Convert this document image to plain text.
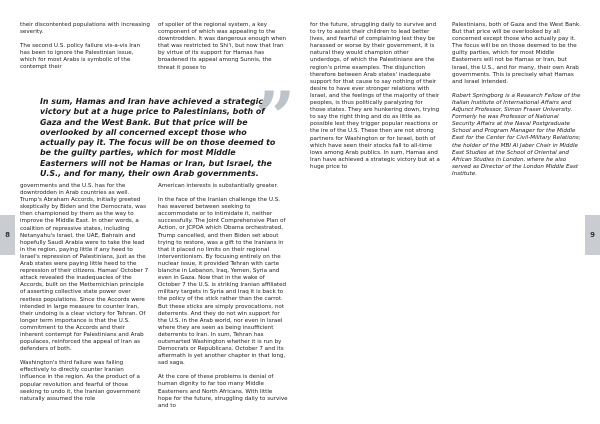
8	9

their discontented populations with increasing severity.

The second U.S. policy failure vis-a-vis Iran has been to ignore the Palestinian issue, which for most Arabs is symbolic of the contempt their

of spoiler of the regional system, a key component of which was appealing to the downtrodden. It was dangerous enough when that was restricted to Shi'i, but now that Iran by virtue of its support for Hamas has broadened its appeal among Sunnis, the threat it poses to

”
In sum, Hamas and Iran have achieved a strategic victory but at a huge price to Palestinians, both of Gaza and the West Bank. But that price will be overlooked by all concerned except those who actually pay it. The focus will be on those deemed to be the guilty parties, which for most Middle Easterners will not be Hamas or Iran, but Israel, the U.S., and for many, their own Arab governments.

governments and the U.S. has for the downtrodden in Arab countries as well. Trump's Abraham Accords, initially greeted skeptically by Biden and the Democrats, was then championed by them as the way to improve the Middle East. In other words, a coalition of repressive states, including Netanyahu's Israel, the UAE, Bahrain and hopefully Saudi Arabia were to take the lead in the region, paying little if any heed to Israel's repression of Palestinians, just as the Arab states were paying little heed to the repression of their citizens. Hamas' October 7 attack revealed the inadequacies of the Accords, built on the Metternichian principle of asserting collective state power over restless populations. Since the Accords were intended in large measure to counter Iran, their undoing is a clear victory for Tehran. Of longer term importance is that the U.S. commitment to the Accords and their inherent contempt for Palestinians and Arab populaces, reinforced the appeal of Iran as defenders of both.

Washington's third failure was failing effectively to directly counter Iranian influence in the region. As the product of a popular revolution and fearful of those seeking to undo it, the Iranian government naturally assumed the role

American interests is substantially greater.

In the face of the Iranian challenge the U.S. has wavered between seeking to accommodate or to intimidate it, neither successfully. The Joint Comprehensive Plan of Action, or JCPOA which Obama orchestrated, Trump cancelled, and then Biden set about trying to restore, was a gift to the Iranians in that it placed no limits on their regional interventionism. By focusing entirely on the nuclear issue, it provided Tehran with carte blanche in Lebanon, Iraq, Yemen, Syria and even in Gaza. Now that in the wake of October 7 the U.S. is striking Iranian affiliated military targets in Syria and Iraq it is back to the policy of the stick rather than the carrot. But these sticks are simply provocations, not deterrents. And they do not win support for the U.S. in the Arab world, nor even in Israel where they are seen as being insufficient deterrents to Iran. In sum, Tehran has outsmarted Washington whether it is run by Democrats or Republicans. October 7 and its aftermath is yet another chapter in that long, sad saga.

At the core of these problems is denial of human dignity to far too many Middle Easterners and North Africans. With little hope for the future, struggling daily to survive and to

for the future, struggling daily to survive and to try to assist their children to lead better lives, and fearful of complaining lest they be harassed or worse by their government, it is natural they would champion other underdogs, of which the Palestinians are the region's prime examples. The disjunction therefore between Arab states' inadequate support for that cause to say nothing of their desire to have ever stronger relations with Israel, and the feelings of the majority of their peoples, is thus politically paralyzing for those states. They are hunkering down, trying to say the right thing and do as little as possible lest they trigger popular reactions or the ire of the U.S. These then are not strong partners for Washington or for Israel, both of which have seen their stocks fall to all-time lows among Arab publics. In sum, Hamas and Iran have achieved a strategic victory but at a huge price to

Palestinians, both of Gaza and the West Bank. But that price will be overlooked by all concerned except those who actually pay it. The focus will be on those deemed to be the guilty parties, which for most Middle Easterners will not be Hamas or Iran, but Israel, the U.S., and for many, their own Arab governments. This is precisely what Hamas and Israel intended.

Robert Springborg is a Research Fellow of the Italian Institute of International Affairs and Adjunct Professor, Simon Fraser University. Formerly he was Professor of National Security Affairs at the Naval Postgraduate School and Program Manager for the Middle East for the Center for Civil-Military Relations; the holder of the MBI Al Jaber Chair in Middle East Studies at the School of Oriental and African Studies in London, where he also served as Director of the London Middle East Institute.
